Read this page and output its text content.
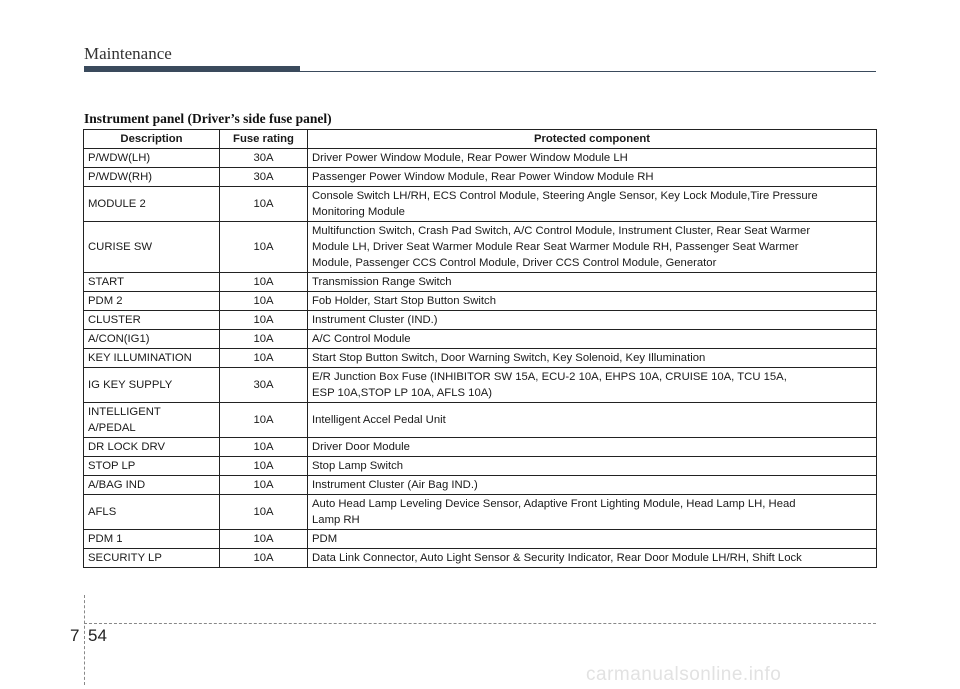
Maintenance
Instrument panel (Driver’s side fuse panel)
Description	Fuse rating	Protected component
P/WDW(LH)	30A	Driver Power Window Module, Rear Power Window Module LH
P/WDW(RH)	30A	Passenger Power Window Module, Rear Power Window Module RH
MODULE 2	10A	Console Switch LH/RH, ECS Control Module, Steering Angle Sensor, Key Lock Module,Tire Pressure
Monitoring Module
CURISE SW	10A	Multifunction Switch, Crash Pad Switch, A/C Control Module, Instrument Cluster, Rear Seat Warmer
Module LH, Driver Seat Warmer Module Rear Seat Warmer Module RH, Passenger Seat Warmer
Module, Passenger CCS Control Module, Driver CCS Control Module, Generator
START	10A	Transmission Range Switch
PDM 2	10A	Fob Holder, Start Stop Button Switch
CLUSTER	10A	Instrument Cluster (IND.)
A/CON(IG1)	10A	A/C Control Module
KEY ILLUMINATION	10A	Start Stop Button Switch, Door Warning Switch, Key Solenoid, Key Illumination
IG KEY SUPPLY	30A	E/R Junction Box Fuse (INHIBITOR SW 15A, ECU-2 10A, EHPS 10A, CRUISE 10A, TCU 15A,
ESP 10A,STOP LP 10A, AFLS 10A)
INTELLIGENT
A/PEDAL	10A	Intelligent Accel Pedal Unit
DR LOCK DRV	10A	Driver Door Module
STOP LP	10A	Stop Lamp Switch
A/BAG IND	10A	Instrument Cluster (Air Bag IND.)
AFLS	10A	Auto Head Lamp Leveling Device Sensor, Adaptive Front Lighting Module, Head Lamp LH, Head
Lamp RH
PDM 1	10A	PDM
SECURITY LP	10A	Data Link Connector, Auto Light Sensor & Security Indicator, Rear Door Module LH/RH, Shift Lock
7 54
carmanualsonline.info
